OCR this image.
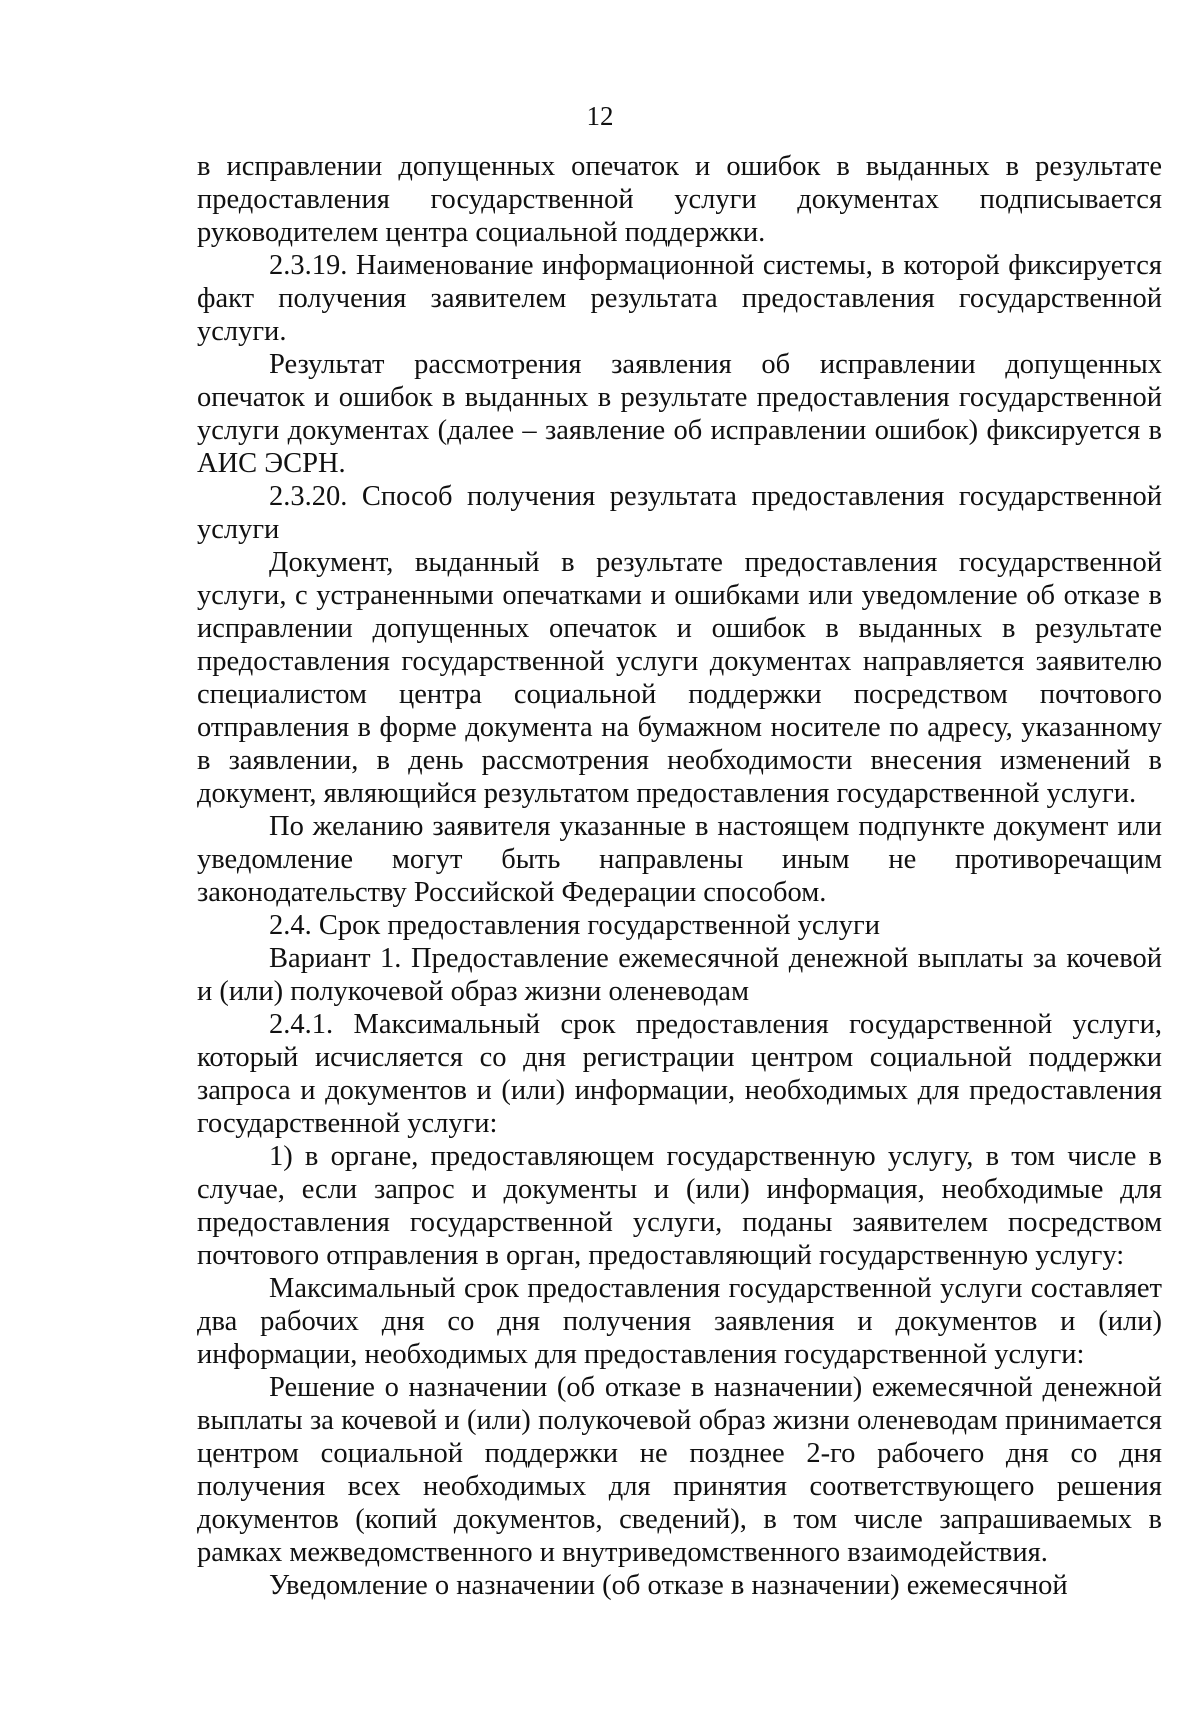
12

в исправлении допущенных опечаток и ошибок в выданных в результате предоставления государственной услуги документах подписывается руководителем центра социальной поддержки.

2.3.19. Наименование информационной системы, в которой фиксируется факт получения заявителем результата предоставления государственной услуги.

Результат рассмотрения заявления об исправлении допущенных опечаток и ошибок в выданных в результате предоставления государственной услуги документах (далее – заявление об исправлении ошибок) фиксируется в АИС ЭСРН.

2.3.20. Способ получения результата предоставления государственной услуги

Документ, выданный в результате предоставления государственной услуги, с устраненными опечатками и ошибками или уведомление об отказе в исправлении допущенных опечаток и ошибок в выданных в результате предоставления государственной услуги документах направляется заявителю специалистом центра социальной поддержки посредством почтового отправления в форме документа на бумажном носителе по адресу, указанному в заявлении, в день рассмотрения необходимости внесения изменений в документ, являющийся результатом предоставления государственной услуги.

По желанию заявителя указанные в настоящем подпункте документ или уведомление могут быть направлены иным не противоречащим законодательству Российской Федерации способом.

2.4. Срок предоставления государственной услуги

Вариант 1. Предоставление ежемесячной денежной выплаты за кочевой и (или) полукочевой образ жизни оленеводам

2.4.1. Максимальный срок предоставления государственной услуги, который исчисляется со дня регистрации центром социальной поддержки запроса и документов и (или) информации, необходимых для предоставления государственной услуги:

1) в органе, предоставляющем государственную услугу, в том числе в случае, если запрос и документы и (или) информация, необходимые для предоставления государственной услуги, поданы заявителем посредством почтового отправления в орган, предоставляющий государственную услугу:

Максимальный срок предоставления государственной услуги составляет два рабочих дня со дня получения заявления и документов и (или) информации, необходимых для предоставления государственной услуги:

Решение о назначении (об отказе в назначении) ежемесячной денежной выплаты за кочевой и (или) полукочевой образ жизни оленеводам принимается центром социальной поддержки не позднее 2-го рабочего дня со дня получения всех необходимых для принятия соответствующего решения документов (копий документов, сведений), в том числе запрашиваемых в рамках межведомственного и внутриведомственного взаимодействия.

Уведомление о назначении (об отказе в назначении) ежемесячной
